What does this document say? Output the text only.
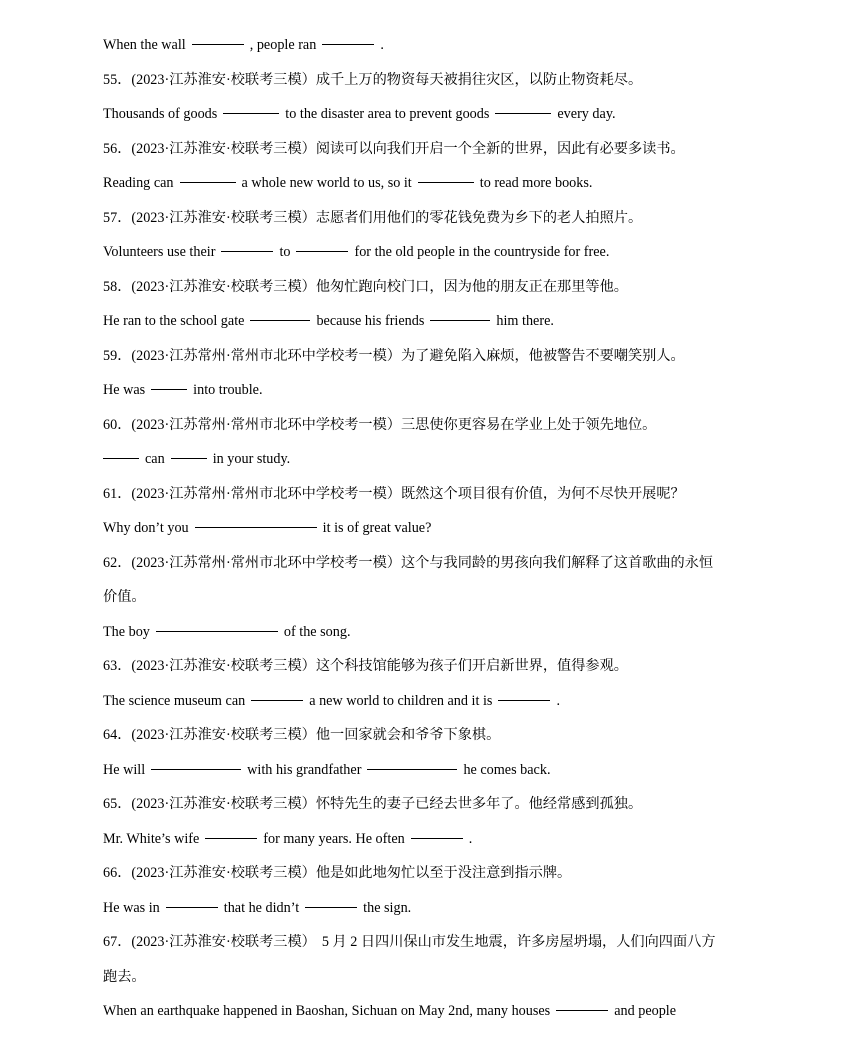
When the wall	, people ran	.
55．(2023·江苏淮安·校联考三模）成千上万的物资每天被捐往灾区，以防止物资耗尽。
Thousands of goods	to the disaster area to prevent goods	every day.
56．(2023·江苏淮安·校联考三模）阅读可以向我们开启一个全新的世界，因此有必要多读书。
Reading can	a whole new world to us, so it	to read more books.
57．(2023·江苏淮安·校联考三模）志愿者们用他们的零花钱免费为乡下的老人拍照片。
Volunteers use their	to	for the old people in the countryside for free.
58．(2023·江苏淮安·校联考三模）他匆忙跑向校门口，因为他的朋友正在那里等他。
He ran to the school gate	because his friends	him there.
59．(2023·江苏常州·常州市北环中学校考一模）为了避免陷入麻烦，他被警告不要嘲笑别人。
He was	into trouble.
60．(2023·江苏常州·常州市北环中学校考一模）三思使你更容易在学业上处于领先地位。
can	in your study.
61．(2023·江苏常州·常州市北环中学校考一模）既然这个项目很有价值，为何不尽快开展呢？
Why don’t you	it is of great value?
62．(2023·江苏常州·常州市北环中学校考一模）这个与我同龄的男孩向我们解释了这首歌曲的永恒
价值。
The boy	of the song.
63．(2023·江苏淮安·校联考三模）这个科技馆能够为孩子们开启新世界，值得参观。
The science museum can	a new world to children and it is	.
64．(2023·江苏淮安·校联考三模）他一回家就会和爷爷下象棋。
He will	with his grandfather	he comes back.
65．(2023·江苏淮安·校联考三模）怀特先生的妻子已经去世多年了。他经常感到孤独。
Mr. White’s wife	for many years. He often	.
66．(2023·江苏淮安·校联考三模）他是如此地匆忙以至于没注意到指示牌。
He was in	that he didn’t	the sign.
67．(2023·江苏淮安·校联考三模） 5 月 2 日四川保山市发生地震，许多房屋坍塌，人们向四面八方
跑去。
When an earthquake happened in Baoshan, Sichuan on May 2nd, many houses	and people
